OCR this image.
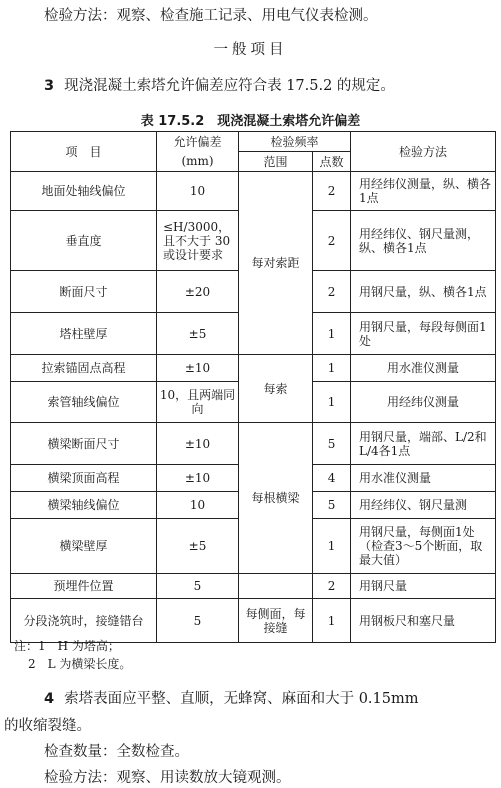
检验方法：观察、检查施工记录、用电气仪表检测。
一般项目
3 现浇混凝土索塔允许偏差应符合表 17.5.2 的规定。
表 17.5.2　现浇混凝土索塔允许偏差
项　目	允许偏差	检验频率		检验方法
	(mm)	范围	点数	
地面处轴线偏位	10	每对索距	2	用经纬仪测量，纵、横各1点
垂直度	≤H/3000，且不大于 30 或设计要求		2	用经纬仪、钢尺量测，纵、横各1点
断面尺寸	±20		2	用钢尺量，纵、横各1点
塔柱壁厚	±5		1	用钢尺量，每段每侧面1处
拉索锚固点高程	±10	每索	1	用水准仪测量
索管轴线偏位	10，且两端同向		1	用经纬仪测量
横梁断面尺寸	±10	每根横梁	5	用钢尺量，端部、L/2和L/4各1点
横梁顶面高程	±10		4	用水准仪测量
横梁轴线偏位	10		5	用经纬仪、钢尺量测
横梁壁厚	±5		1	用钢尺量，每侧面1处（检查3～5个断面，取最大值）
预埋件位置	5		2	用钢尺量
分段浇筑时，接缝错台	5	每侧面，每接缝	1	用钢板尺和塞尺量
注：1　 H 为塔高；
2　L 为横梁长度。
4 索塔表面应平整、直顺，无蜂窝、麻面和大于 0.15mm
的收缩裂缝。
检查数量：全数检查。
检验方法：观察、用读数放大镜观测。
